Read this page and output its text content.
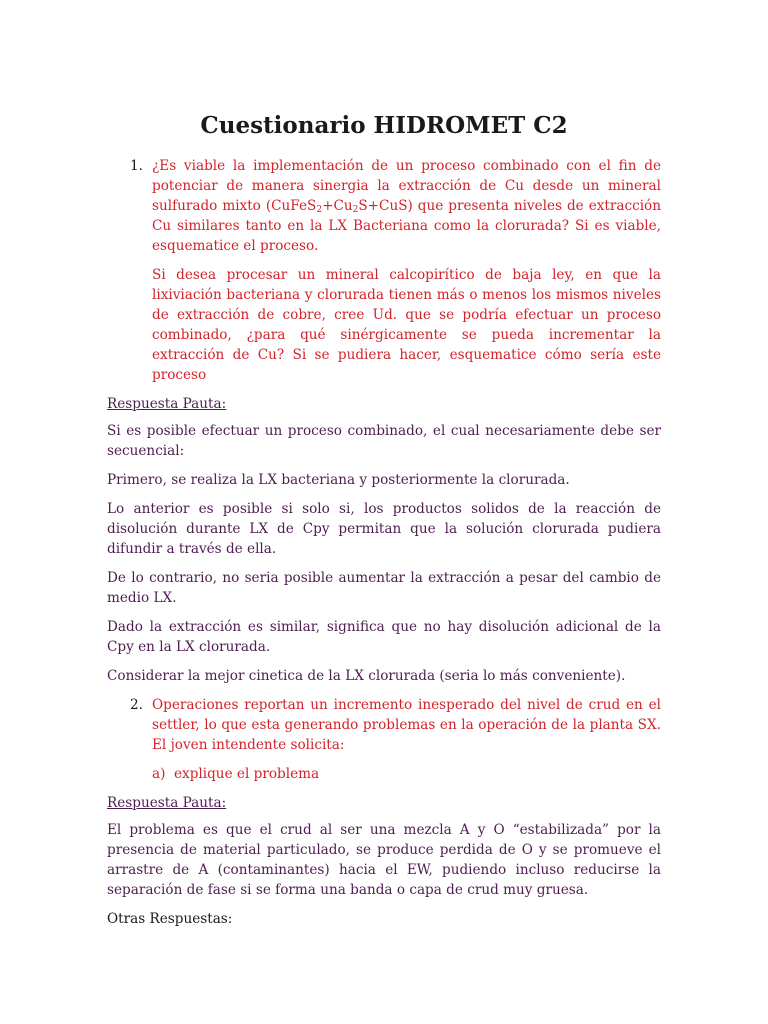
Cuestionario HIDROMET C2
1. ¿Es viable la implementación de un proceso combinado con el fin de potenciar de manera sinergia la extracción de Cu desde un mineral sulfurado mixto $(CuFeS_2+Cu_2S+CuS)$ que presenta niveles de extracción Cu similares tanto en la LX Bacteriana como la clorurada? Si es viable, esquematice el proceso.
Si desea procesar un mineral calcopirítico de baja ley, en que la lixiviación bacteriana y clorurada tienen más o menos los mismos niveles de extracción de cobre, cree Ud. que se podría efectuar un proceso combinado, ¿para qué sinérgicamente se pueda incrementar la extracción de Cu? Si se pudiera hacer, esquematice cómo sería este proceso
Respuesta Pauta:
Si es posible efectuar un proceso combinado, el cual necesariamente debe ser secuencial:
Primero, se realiza la LX bacteriana y posteriormente la clorurada.
Lo anterior es posible si solo si, los productos solidos de la reacción de disolución durante LX de Cpy permitan que la solución clorurada pudiera difundir a través de ella.
De lo contrario, no seria posible aumentar la extracción a pesar del cambio de medio LX.
Dado la extracción es similar, significa que no hay disolución adicional de la Cpy en la LX clorurada.
Considerar la mejor cinetica de la LX clorurada (seria lo más conveniente).
2. Operaciones reportan un incremento inesperado del nivel de crud en el settler, lo que esta generando problemas en la operación de la planta SX. El joven intendente solicita:
a) explique el problema
Respuesta Pauta:
El problema es que el crud al ser una mezcla A y O “estabilizada” por la presencia de material particulado, se produce perdida de O y se promueve el arrastre de A (contaminantes) hacia el EW, pudiendo incluso reducirse la separación de fase si se forma una banda o capa de crud muy gruesa.
Otras Respuestas:
